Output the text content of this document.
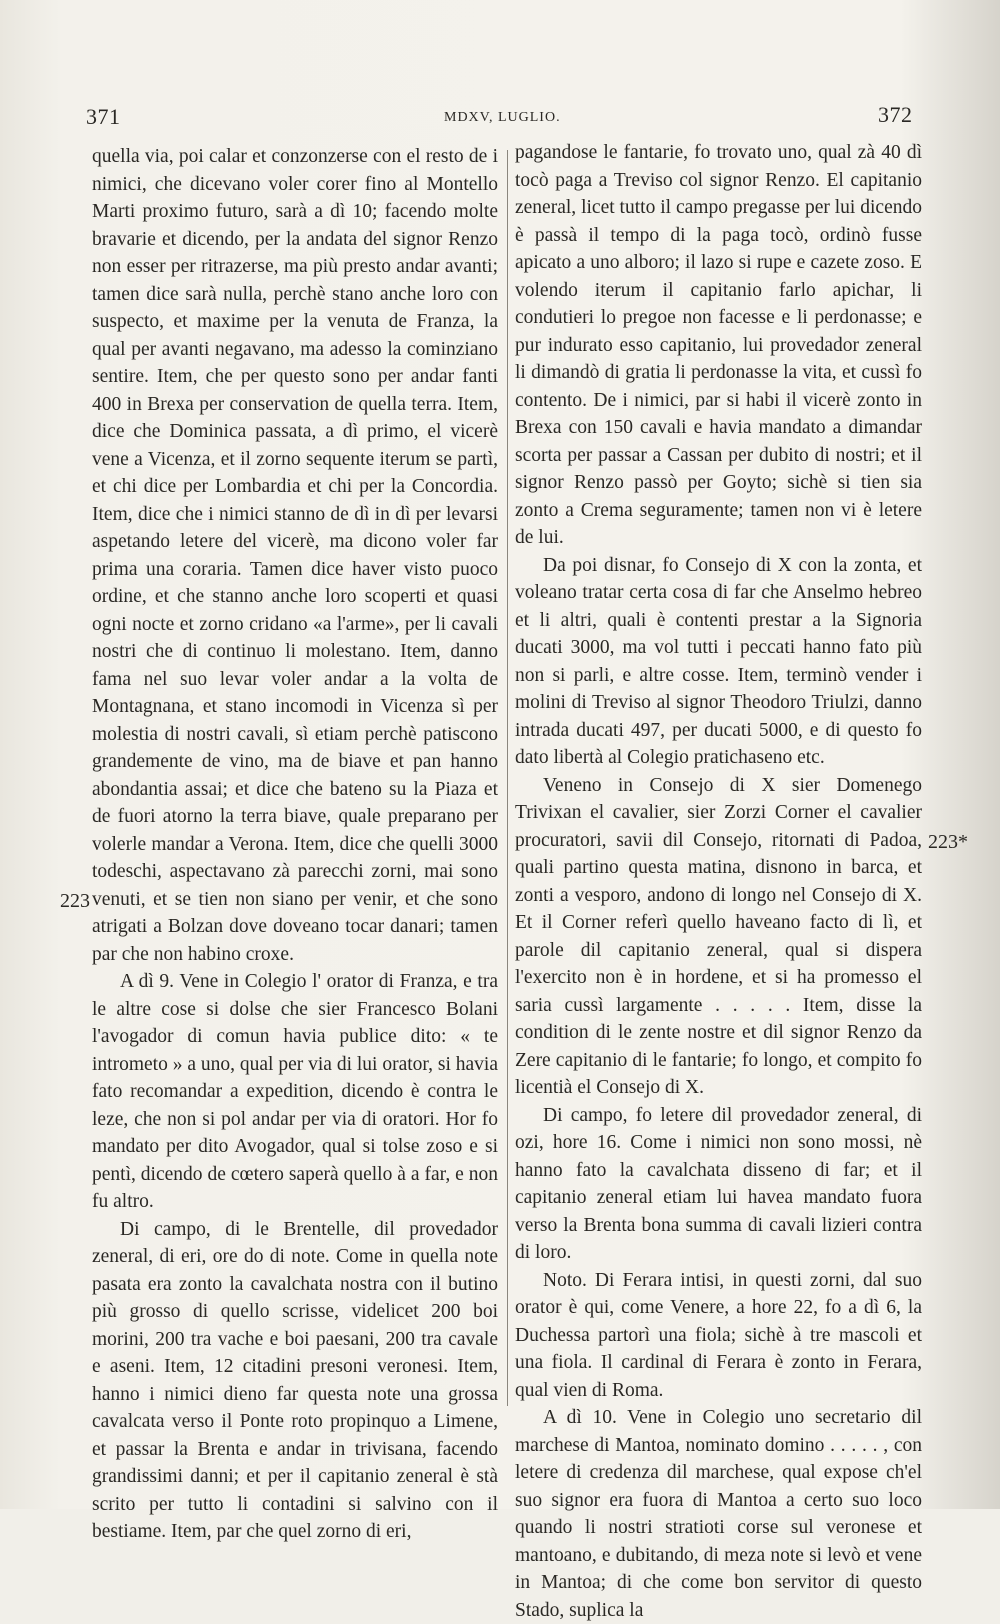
371	MDXV, LUGLIO.	372

quella via, poi calar et conzonzerse con el resto de i nimici, che dicevano voler corer fino al Montello Marti proximo futuro, sarà a dì 10; facendo molte bravarie et dicendo, per la andata del signor Renzo non esser per ritrazerse, ma più presto andar avanti; tamen dice sarà nulla, perchè stano anche loro con suspecto, et maxime per la venuta de Franza, la qual per avanti negavano, ma adesso la cominziano sentire. Item, che per questo sono per andar fanti 400 in Brexa per conservation de quella terra. Item, dice che Dominica passata, a dì primo, el vicerè vene a Vicenza, et il zorno sequente iterum se partì, et chi dice per Lombardia et chi per la Concordia. Item, dice che i nimici stanno de dì in dì per levarsi aspetando letere del vicerè, ma dicono voler far prima una coraria. Tamen dice haver visto puoco ordine, et che stanno anche loro scoperti et quasi ogni nocte et zorno cridano «a l'arme», per li cavali nostri che di continuo li molestano. Item, danno fama nel suo levar voler andar a la volta de Montagnana, et stano incomodi in Vicenza sì per molestia di nostri cavali, sì etiam perchè patiscono grandemente de vino, ma de biave et pan hanno abondantia assai; et dice che bateno su la Piaza et de fuori atorno la terra biave, quale preparano per volerle mandar a Verona. Item, dice che quelli 3000 todeschi, aspectavano zà parecchi zorni, mai sono venuti, et se tien non siano per venir, et che sono atrigati a Bolzan dove doveano tocar danari; tamen par che non habino croxe.

A dì 9. Vene in Colegio l' orator di Franza, e tra le altre cose si dolse che sier Francesco Bolani l'avogador di comun havia publice dito: « te intrometo » a uno, qual per via di lui orator, si havia fato recomandar a expedition, dicendo è contra le leze, che non si pol andar per via di oratori. Hor fo mandato per dito Avogador, qual si tolse zoso e si pentì, dicendo de cœtero saperà quello à a far, e non fu altro.

Di campo, di le Brentelle, dil provedador zeneral, di eri, ore do di note. Come in quella note pasata era zonto la cavalchata nostra con il butino più grosso di quello scrisse, videlicet 200 boi morini, 200 tra vache e boi paesani, 200 tra cavale e aseni. Item, 12 citadini presoni veronesi. Item, hanno i nimici dieno far questa note una grossa cavalcata verso il Ponte roto propinquo a Limene, et passar la Brenta e andar in trivisana, facendo grandissimi danni; et per il capitanio zeneral è stà scrito per tutto li contadini si salvino con il bestiame. Item, par che quel zorno di eri,

pagandose le fantarie, fo trovato uno, qual zà 40 dì tocò paga a Treviso col signor Renzo. El capitanio zeneral, licet tutto il campo pregasse per lui dicendo è passà il tempo di la paga tocò, ordinò fusse apicato a uno alboro; il lazo si rupe e cazete zoso. E volendo iterum il capitanio farlo apichar, li condutieri lo pregoe non facesse e li perdonasse; e pur indurato esso capitanio, lui provedador zeneral li dimandò di gratia li perdonasse la vita, et cussì fo contento. De i nimici, par si habi il vicerè zonto in Brexa con 150 cavali e havia mandato a dimandar scorta per passar a Cassan per dubito di nostri; et il signor Renzo passò per Goyto; sichè si tien sia zonto a Crema seguramente; tamen non vi è letere de lui.

Da poi disnar, fo Consejo di X con la zonta, et voleano tratar certa cosa di far che Anselmo hebreo et li altri, quali è contenti prestar a la Signoria ducati 3000, ma vol tutti i peccati hanno fato più non si parli, e altre cosse. Item, terminò vender i molini di Treviso al signor Theodoro Triulzi, danno intrada ducati 497, per ducati 5000, e di questo fo dato libertà al Colegio pratichaseno etc.

Veneno in Consejo di X sier Domenego Trivixan el cavalier, sier Zorzi Corner el cavalier procuratori, savii dil Consejo, ritornati di Padoa, quali partino questa matina, disnono in barca, et zonti a vesporo, andono di longo nel Consejo di X. Et il Corner referì quello haveano facto di lì, et parole dil capitanio zeneral, qual si dispera l'exercito non è in hordene, et si ha promesso el saria cussì largamente . . . . . Item, disse la condition di le zente nostre et dil signor Renzo da Zere capitanio di le fantarie; fo longo, et compito fo licentià el Consejo di X.

Di campo, fo letere dil provedador zeneral, di ozi, hore 16. Come i nimici non sono mossi, nè hanno fato la cavalchata disseno di far; et il capitanio zeneral etiam lui havea mandato fuora verso la Brenta bona summa di cavali lizieri contra di loro.

Noto. Di Ferara intisi, in questi zorni, dal suo orator è qui, come Venere, a hore 22, fo a dì 6, la Duchessa partorì una fiola; sichè à tre mascoli et una fiola. Il cardinal di Ferara è zonto in Ferara, qual vien di Roma.

A dì 10. Vene in Colegio uno secretario dil marchese di Mantoa, nominato domino . . . . . , con letere di credenza dil marchese, qual expose ch'el suo signor era fuora di Mantoa a certo suo loco quando li nostri stratioti corse sul veronese et mantoano, e dubitando, di meza note si levò et vene in Mantoa; di che come bon servitor di questo Stado, suplica la

223
223*
